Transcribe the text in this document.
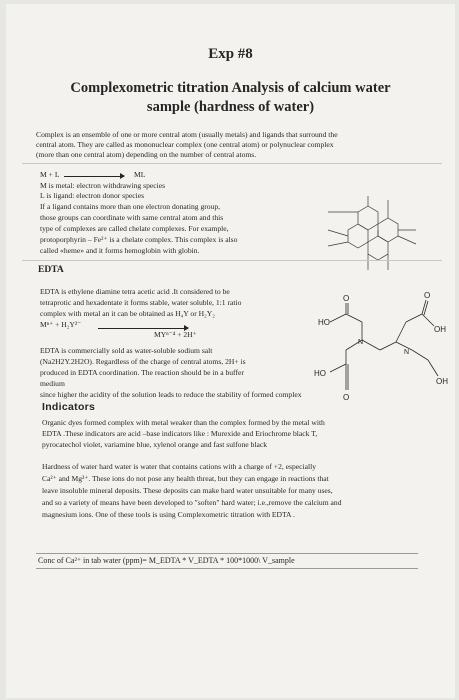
Exp #8

Complexometric titration Analysis of calcium water

sample (hardness of water)

Complex is an ensemble of one or more central atom (usually metals) and ligands that surround the

central atom. They are called as mononuclear complex (one central atom) or polynuclear complex

(more than one central atom) depending on the number of central atoms.

M + L	ML

M is metal: electron withdrawing species

L is ligand: electron donor species

If a ligand contains more than one electron donating group,

those groups can coordinate with same central atom and this

type of complexes are called chelate complexes. For example,

protoporphyrin – Fe²⁺ is a chelate complex. This complex is also

called «heme» and it forms hemoglobin with globin.

EDTA

EDTA is ethylene diamine tetra acetic acid .It considered to be

tetraprotic and hexadentate it forms stable, water soluble, 1:1 ratio

complex with metal an it can be obtained as H₄Y or H₂Y₂

Mⁿ⁺ + H₂Y²⁻

MYⁿ⁻⁴ + 2H⁺

EDTA is commercially sold as water-soluble sodium salt

(Na2H2Y.2H2O). Regardless of the charge of central atoms, 2H+ is

produced in EDTA coordination. The reaction should be in a buffer

medium

since higher the acidity of the solution leads to reduce the stability of formed complex

HO
O
OH
N
N
HO
OH
O
O

Indicators

Organic dyes formed complex with metal weaker than the complex formed by the metal with

EDTA .These indicators are acid –base indicators like : Murexide and Eriochrome black T,

pyrocatechol violet, variamine blue, xylenol orange and fast sulfone black

Hardness of water hard water is water that contains cations with a charge of +2, especially

Ca²⁺ and Mg²⁺. These ions do not pose any health threat, but they can engage in reactions that

leave insoluble mineral deposits. These deposits can make hard water unsuitable for many uses,

and so a variety of means have been developed to "soften" hard water; i.e.,remove the calcium and

magnesium ions. One of these tools is using Complexometric titration with EDTA .

Conc of Ca²⁺ in tab water (ppm)= M_EDTA * V_EDTA * 100*1000\ V_sample
